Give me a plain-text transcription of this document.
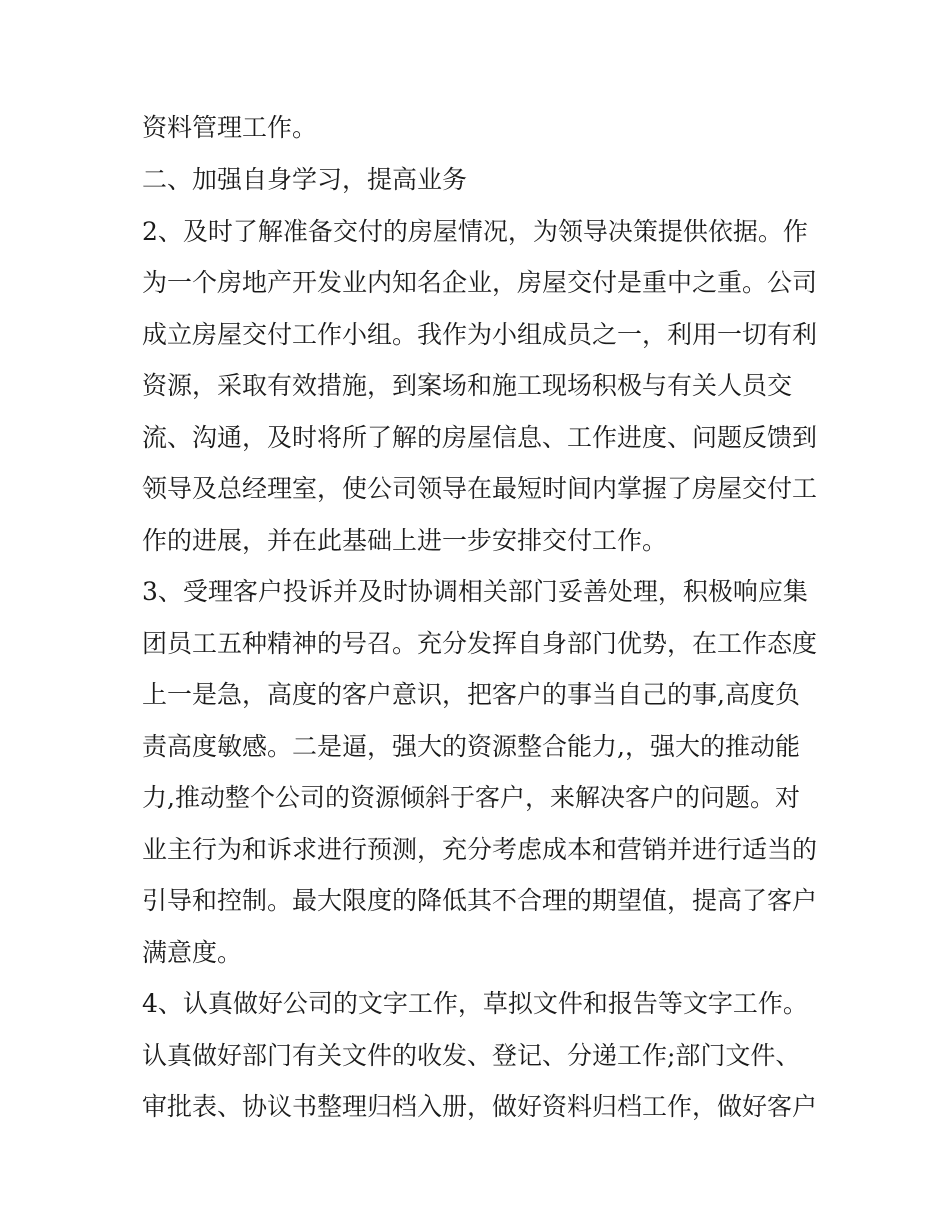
资料管理工作。
二、加强自身学习，提高业务
2、及时了解准备交付的房屋情况，为领导决策提供依据。作
为一个房地产开发业内知名企业，房屋交付是重中之重。公司
成立房屋交付工作小组。我作为小组成员之一，利用一切有利
资源，采取有效措施，到案场和施工现场积极与有关人员交
流、沟通，及时将所了解的房屋信息、工作进度、问题反馈到
领导及总经理室，使公司领导在最短时间内掌握了房屋交付工
作的进展，并在此基础上进一步安排交付工作。
3、受理客户投诉并及时协调相关部门妥善处理，积极响应集
团员工五种精神的号召。充分发挥自身部门优势，在工作态度
上一是急，高度的客户意识，把客户的事当自己的事,高度负
责高度敏感。二是逼，强大的资源整合能力,，强大的推动能
力,推动整个公司的资源倾斜于客户，来解决客户的问题。对
业主行为和诉求进行预测，充分考虑成本和营销并进行适当的
引导和控制。最大限度的降低其不合理的期望值，提高了客户
满意度。
4、认真做好公司的文字工作，草拟文件和报告等文字工作。
认真做好部门有关文件的收发、登记、分递工作;部门文件、
审批表、协议书整理归档入册，做好资料归档工作，做好客户
